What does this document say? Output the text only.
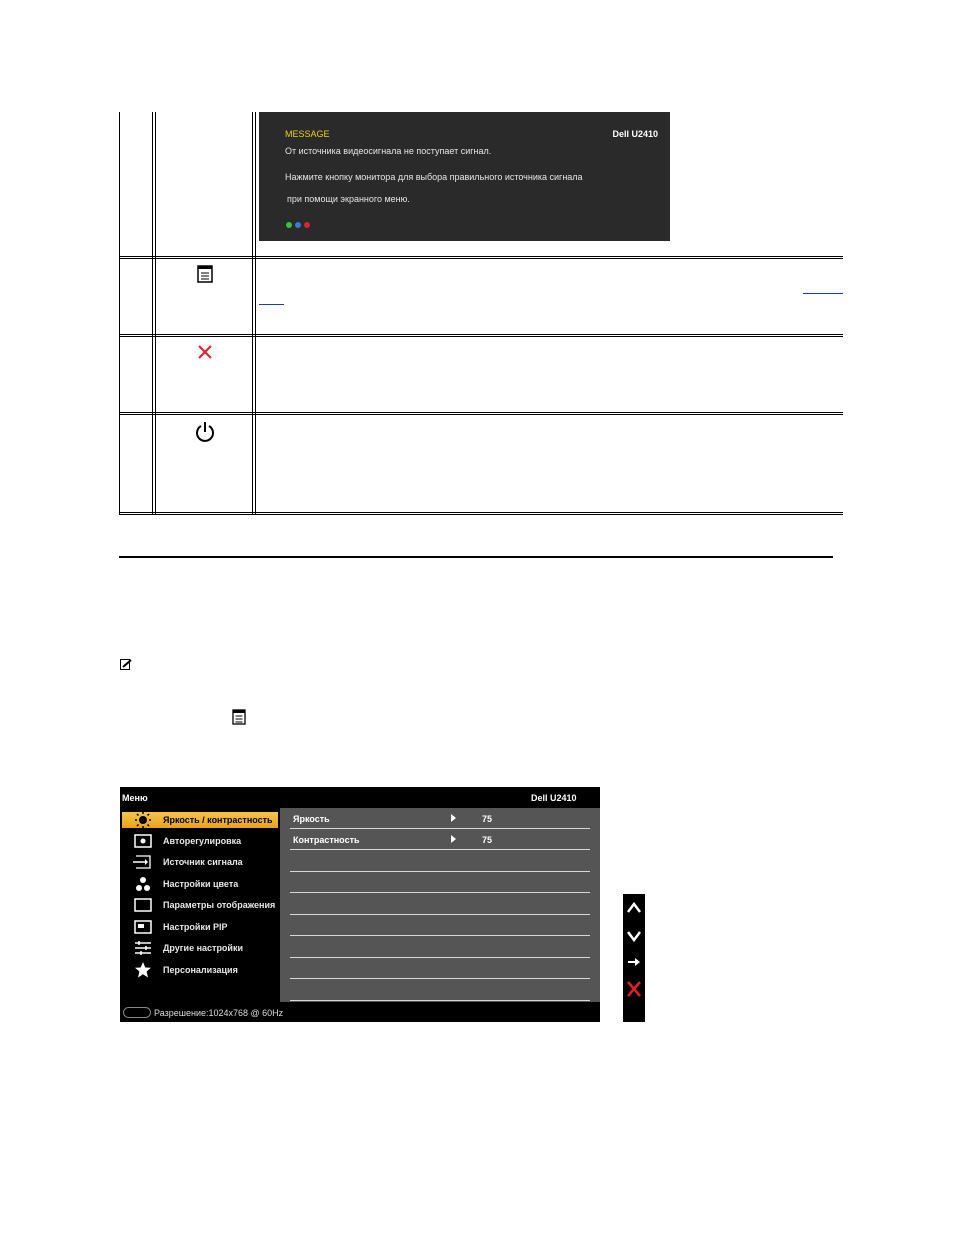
MESSAGE	Dell U2410
От источника видеосигнала не поступает сигнал.
Нажмите кнопку монитора для выбора правильного источника сигнала
при помощи экранного меню.
Меню	Dell U2410
Яркость / контрастность
Авторегулировка
Источник сигнала
Настройки цвета
Параметры отображения
Настройки PIP
Другие настройки
Персонализация
Яркость	75
Контрастность	75
Разрешение:1024x768 @ 60Hz
